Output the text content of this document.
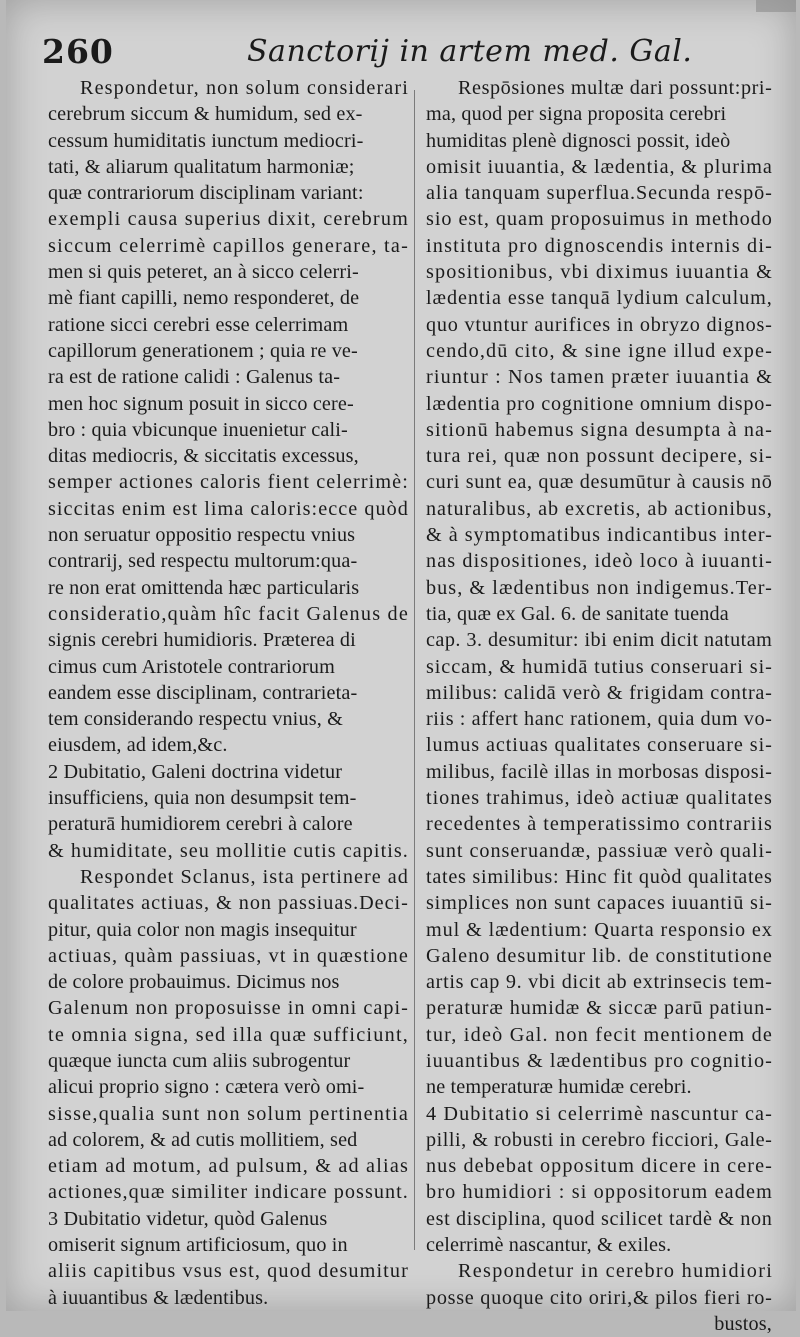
260	Sanctorij in artem med. Gal.
Respondetur, non solum considerari
cerebrum siccum & humidum, sed ex-
cessum humiditatis iunctum mediocri-
tati, & aliarum qualitatum harmoniæ;
quæ contrariorum disciplinam variant:
exempli causa superius dixit, cerebrum
siccum celerrimè capillos generare, ta-
men si quis peteret, an à sicco celerri-
mè fiant capilli, nemo responderet, de
ratione sicci cerebri esse celerrimam
capillorum generationem ; quia re ve-
ra est de ratione calidi : Galenus ta-
men hoc signum posuit in sicco cere-
bro : quia vbicunque inuenietur cali-
ditas mediocris, & siccitatis excessus,
semper actiones caloris fient celerrimè:
siccitas enim est lima caloris:ecce quòd
non seruatur oppositio respectu vnius
contrarij, sed respectu multorum:qua-
re non erat omittenda hæc particularis
consideratio,quàm hîc facit Galenus de
signis cerebri humidioris. Præterea di
cimus cum Aristotele contrariorum
eandem esse disciplinam, contrarieta-
tem considerando respectu vnius, &
eiusdem, ad idem,&c.
2 Dubitatio, Galeni doctrina videtur
insufficiens, quia non desumpsit tem-
peraturā humidiorem cerebri à calore
& humiditate, seu mollitie cutis capitis.
Respondet Sclanus, ista pertinere ad
qualitates actiuas, & non passiuas.Deci-
pitur, quia color non magis insequitur
actiuas, quàm passiuas, vt in quæstione
de colore probauimus. Dicimus nos
Galenum non proposuisse in omni capi-
te omnia signa, sed illa quæ sufficiunt,
quæque iuncta cum aliis subrogentur
alicui proprio signo : cætera verò omi-
sisse,qualia sunt non solum pertinentia
ad colorem, & ad cutis mollitiem, sed
etiam ad motum, ad pulsum, & ad alias
actiones,quæ similiter indicare possunt.
3 Dubitatio videtur, quòd Galenus
omiserit signum artificiosum, quo in
aliis capitibus vsus est, quod desumitur
à iuuantibus & lædentibus.
Respōsiones multæ dari possunt:pri-
ma, quod per signa proposita cerebri
humiditas plenè dignosci possit, ideò
omisit iuuantia, & lædentia, & plurima
alia tanquam superflua.Secunda respō-
sio est, quam proposuimus in methodo
instituta pro dignoscendis internis di-
spositionibus, vbi diximus iuuantia &
lædentia esse tanquā lydium calculum,
quo vtuntur aurifices in obryzo dignos-
cendo,dū cito, & sine igne illud expe-
riuntur : Nos tamen præter iuuantia &
lædentia pro cognitione omnium dispo-
sitionū habemus signa desumpta à na-
tura rei, quæ non possunt decipere, si-
curi sunt ea, quæ desumūtur à causis nō
naturalibus, ab excretis, ab actionibus,
& à symptomatibus indicantibus inter-
nas dispositiones, ideò loco à iuuanti-
bus, & lædentibus non indigemus.Ter-
tia, quæ ex Gal. 6. de sanitate tuenda
cap. 3. desumitur: ibi enim dicit natutam
siccam, & humidā tutius conseruari si-
milibus: calidā verò & frigidam contra-
riis : affert hanc rationem, quia dum vo-
lumus actiuas qualitates conseruare si-
milibus, facilè illas in morbosas disposi-
tiones trahimus, ideò actiuæ qualitates
recedentes à temperatissimo contrariis
sunt conseruandæ, passiuæ verò quali-
tates similibus: Hinc fit quòd qualitates
simplices non sunt capaces iuuantiū si-
mul & lædentium: Quarta responsio ex
Galeno desumitur lib. de constitutione
artis cap 9. vbi dicit ab extrinsecis tem-
peraturæ humidæ & siccæ parū patiun-
tur, ideò Gal. non fecit mentionem de
iuuantibus & lædentibus pro cognitio-
ne temperaturæ humidæ cerebri.
4 Dubitatio si celerrimè nascuntur ca-
pilli, & robusti in cerebro ficciori, Gale-
nus debebat oppositum dicere in cere-
bro humidiori : si oppositorum eadem
est disciplina, quod scilicet tardè & non
celerrimè nascantur, & exiles.
Respondetur in cerebro humidiori
posse quoque cito oriri,& pilos fieri ro-
bustos,
